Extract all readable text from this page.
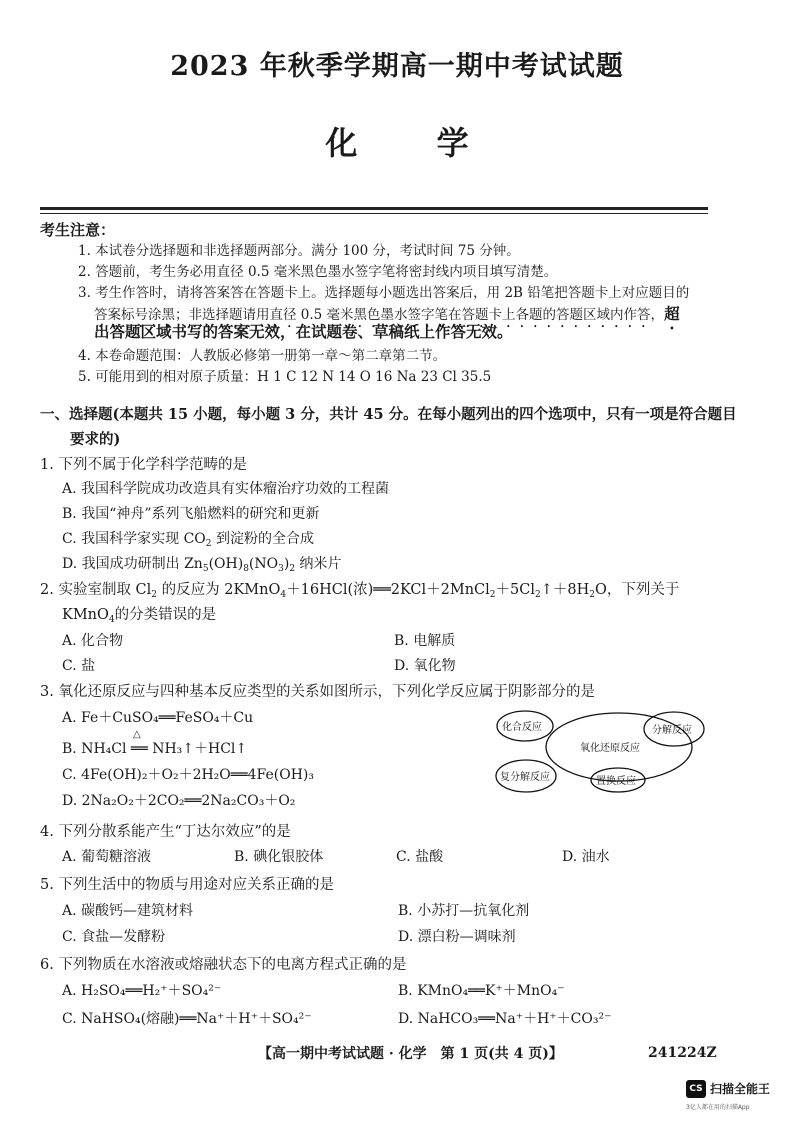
2023 年秋季学期高一期中考试试题
化 学
考生注意：
1. 本试卷分选择题和非选择题两部分。满分 100 分，考试时间 75 分钟。
2. 答题前，考生务必用直径 0.5 毫米黑色墨水签字笔将密封线内项目填写清楚。
3. 考生作答时，请将答案答在答题卡上。选择题每小题选出答案后，用 2B 铅笔把答题卡上对应题目的
答案标号涂黑；非选择题请用直径 0.5 毫米黑色墨水签字笔在答题卡上各题的答题区域内作答，超
出答题区域书写的答案无效，在试题卷、草稿纸上作答无效。
4. 本卷命题范围：人教版必修第一册第一章～第二章第二节。
5. 可能用到的相对原子质量：H 1 C 12 N 14 O 16 Na 23 Cl 35.5
一、选择题(本题共 15 小题，每小题 3 分，共计 45 分。在每小题列出的四个选项中，只有一项是符合题目
要求的)
1. 下列不属于化学科学范畴的是
A. 我国科学院成功改造具有实体瘤治疗功效的工程菌
B. 我国“神舟”系列飞船燃料的研究和更新
C. 我国科学家实现 $CO_2$ 到淀粉的全合成
D. 我国成功研制出 $Zn_5(OH)_8(NO_3)_2$ 纳米片
2. 实验室制取 $Cl_2$ 的反应为 2KMnO$_4$＋16HCl(浓)$══2KCl+2MnCl_2+5Cl_2↑+8H_2O$，下列关于
KMnO$_4$的分类错误的是
A. 化合物	B. 电解质
C. 盐	D. 氧化物
3. 氧化还原反应与四种基本反应类型的关系如图所示，下列化学反应属于阴影部分的是
A. Fe＋CuSO₄══FeSO₄＋Cu
B. NH₄Cl ══ NH₃↑＋HCl↑
△
C. 4Fe(OH)₂＋O₂＋2H₂O══4Fe(OH)₃
D. 2Na₂O₂＋2CO₂══2Na₂CO₃＋O₂
化合反应	分解反应
氧化还原反应
复分解反应	置换反应
4. 下列分散系能产生“丁达尔效应”的是
A. 葡萄糖溶液	B. 碘化银胶体	C. 盐酸	D. 油水
5. 下列生活中的物质与用途对应关系正确的是
A. 碳酸钙—建筑材料	B. 小苏打—抗氧化剂
C. 食盐—发酵粉	D. 漂白粉—调味剂
6. 下列物质在水溶液或熔融状态下的电离方程式正确的是
A. H₂SO₄══H₂⁺＋SO₄²⁻	B. KMnO₄══K⁺＋MnO₄⁻
C. NaHSO₄(熔融)══Na⁺＋H⁺＋SO₄²⁻	D. NaHCO₃══Na⁺＋H⁺＋CO₃²⁻
【高一期中考试试题 · 化学　第 1 页(共 4 页)】	241224Z
CS 扫描全能王
3亿人都在用的扫描App
